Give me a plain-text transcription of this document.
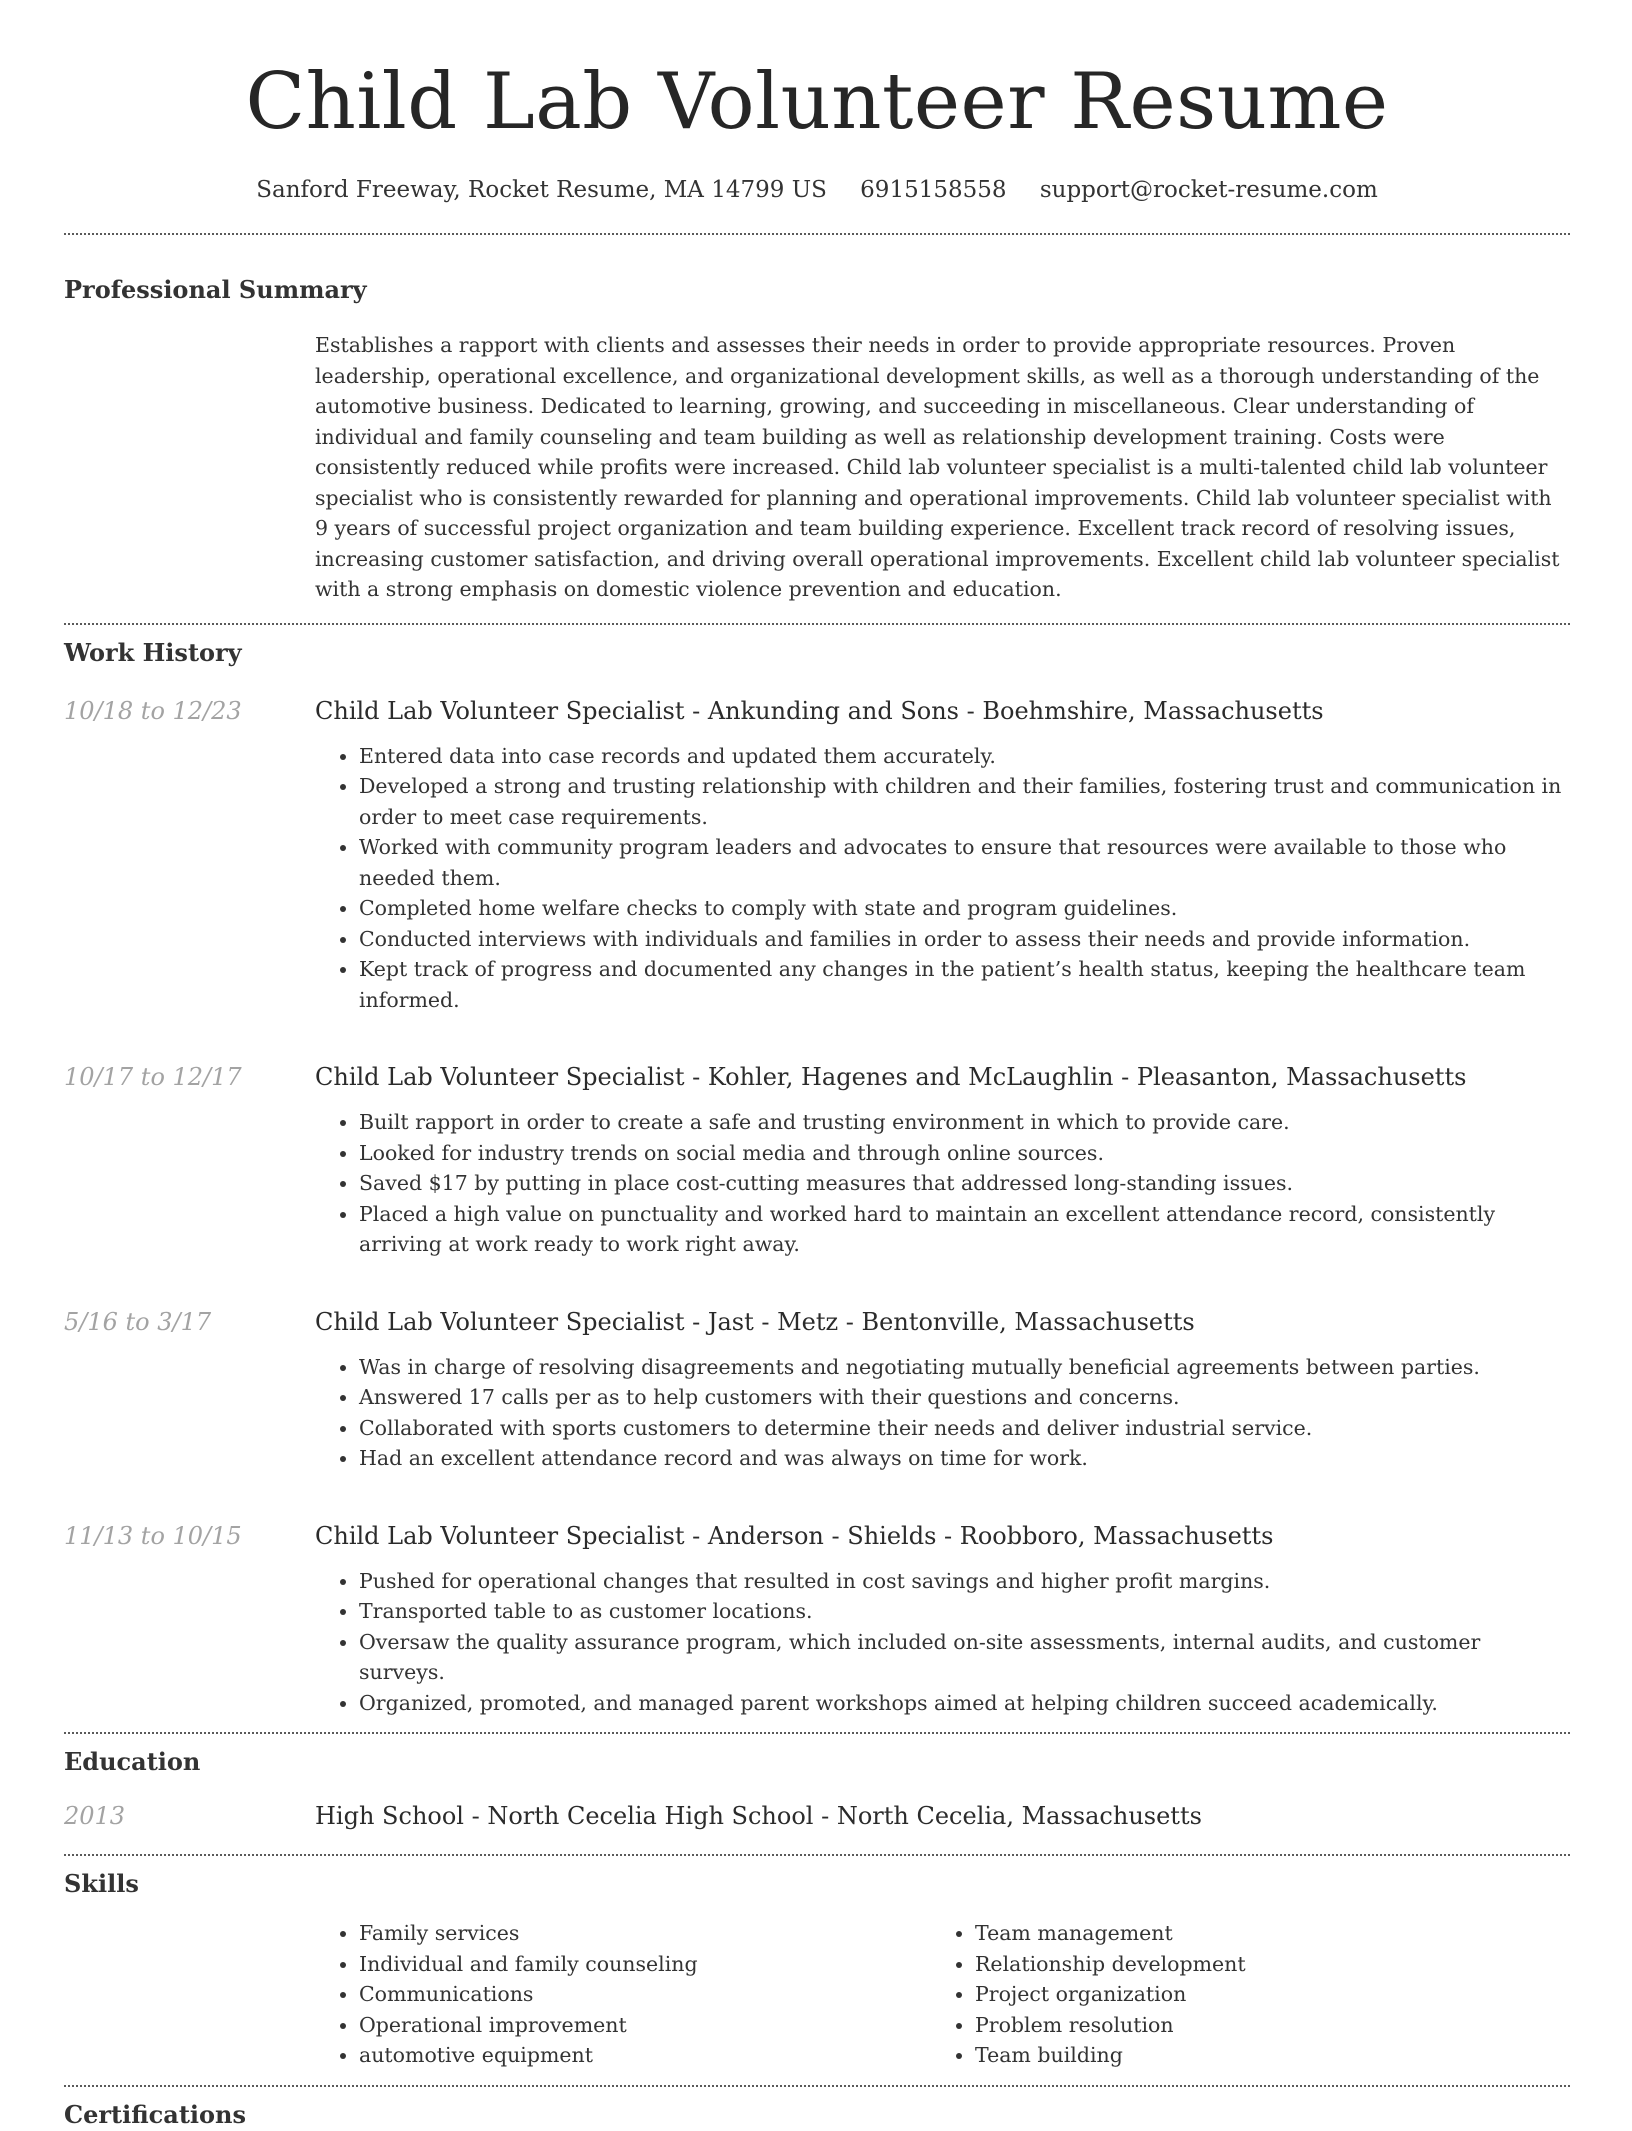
Child Lab Volunteer Resume
Sanford Freeway, Rocket Resume, MA 14799 US 6915158558 support@rocket-resume.com
Professional Summary

Establishes a rapport with clients and assesses their needs in order to provide appropriate resources. Proven leadership, operational excellence, and organizational development skills, as well as a thorough understanding of the automotive business. Dedicated to learning, growing, and succeeding in miscellaneous. Clear understanding of individual and family counseling and team building as well as relationship development training. Costs were consistently reduced while profits were increased. Child lab volunteer specialist is a multi-talented child lab volunteer specialist who is consistently rewarded for planning and operational improvements. Child lab volunteer specialist with 9 years of successful project organization and team building experience. Excellent track record of resolving issues, increasing customer satisfaction, and driving overall operational improvements. Excellent child lab volunteer specialist with a strong emphasis on domestic violence prevention and education.

Work History
10/18 to 12/23	Child Lab Volunteer Specialist - Ankunding and Sons - Boehmshire, Massachusetts

• Entered data into case records and updated them accurately.
• Developed a strong and trusting relationship with children and their families, fostering trust and communication in order to meet case requirements.
• Worked with community program leaders and advocates to ensure that resources were available to those who needed them.
• Completed home welfare checks to comply with state and program guidelines.
• Conducted interviews with individuals and families in order to assess their needs and provide information.
• Kept track of progress and documented any changes in the patient’s health status, keeping the healthcare team informed.
10/17 to 12/17	Child Lab Volunteer Specialist - Kohler, Hagenes and McLaughlin - Pleasanton, Massachusetts

• Built rapport in order to create a safe and trusting environment in which to provide care.
• Looked for industry trends on social media and through online sources.
• Saved $17 by putting in place cost-cutting measures that addressed long-standing issues.
• Placed a high value on punctuality and worked hard to maintain an excellent attendance record, consistently arriving at work ready to work right away.
5/16 to 3/17	Child Lab Volunteer Specialist - Jast - Metz - Bentonville, Massachusetts

• Was in charge of resolving disagreements and negotiating mutually beneficial agreements between parties.
• Answered 17 calls per as to help customers with their questions and concerns.
• Collaborated with sports customers to determine their needs and deliver industrial service.
• Had an excellent attendance record and was always on time for work.
11/13 to 10/15	Child Lab Volunteer Specialist - Anderson - Shields - Roobboro, Massachusetts

• Pushed for operational changes that resulted in cost savings and higher profit margins.
• Transported table to as customer locations.
• Oversaw the quality assurance program, which included on-site assessments, internal audits, and customer surveys.
• Organized, promoted, and managed parent workshops aimed at helping children succeed academically.
Education
2013	High School - North Cecelia High School - North Cecelia, Massachusetts

Skills
• Family services
• Individual and family counseling
• Communications
• Operational improvement
• automotive equipment
• Team management
• Relationship development
• Project organization
• Problem resolution
• Team building
Certifications
